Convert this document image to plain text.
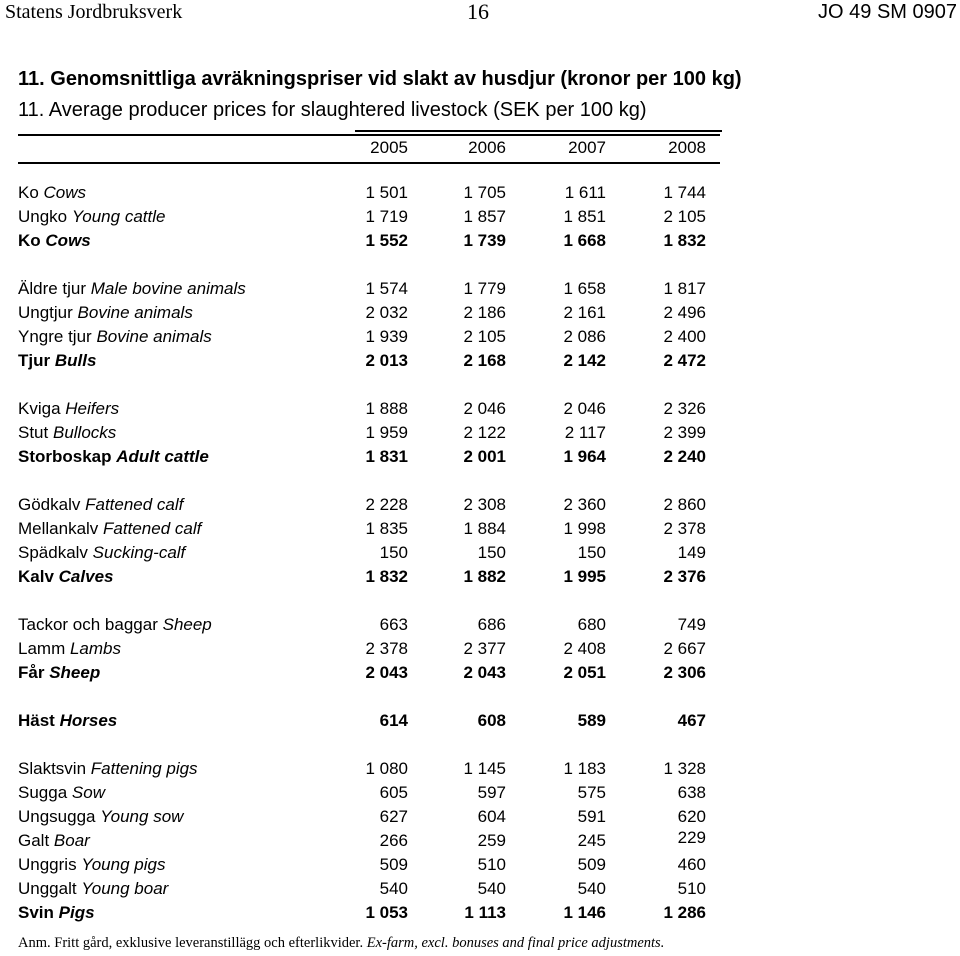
Statens Jordbruksverk	16	JO 49 SM 0907
11. Genomsnittliga avräkningspriser vid slakt av husdjur (kronor per 100 kg)
11. Average producer prices for slaughtered livestock (SEK per 100 kg)
2005	2006	2007	2008
Ko Cows	1 501	1 705	1 611	1 744
Ungko Young cattle	1 719	1 857	1 851	2 105
Ko Cows	1 552	1 739	1 668	1 832
Äldre tjur Male bovine animals	1 574	1 779	1 658	1 817
Ungtjur Bovine animals	2 032	2 186	2 161	2 496
Yngre tjur Bovine animals	1 939	2 105	2 086	2 400
Tjur Bulls	2 013	2 168	2 142	2 472
Kviga Heifers	1 888	2 046	2 046	2 326
Stut Bullocks	1 959	2 122	2 117	2 399
Storboskap Adult cattle	1 831	2 001	1 964	2 240
Gödkalv Fattened calf	2 228	2 308	2 360	2 860
Mellankalv Fattened calf	1 835	1 884	1 998	2 378
Spädkalv Sucking-calf	150	150	150	149
Kalv Calves	1 832	1 882	1 995	2 376
Tackor och baggar Sheep	663	686	680	749
Lamm Lambs	2 378	2 377	2 408	2 667
Får Sheep	2 043	2 043	2 051	2 306
Häst Horses	614	608	589	467
Slaktsvin Fattening pigs	1 080	1 145	1 183	1 328
Sugga Sow	605	597	575	638
Ungsugga Young sow	627	604	591	620
Galt Boar	266	259	245	229
Unggris Young pigs	509	510	509	460
Unggalt Young boar	540	540	540	510
Svin Pigs	1 053	1 113	1 146	1 286
Anm. Fritt gård, exklusive leveranstillägg och efterlikvider. Ex-farm, excl. bonuses and final price adjustments.
